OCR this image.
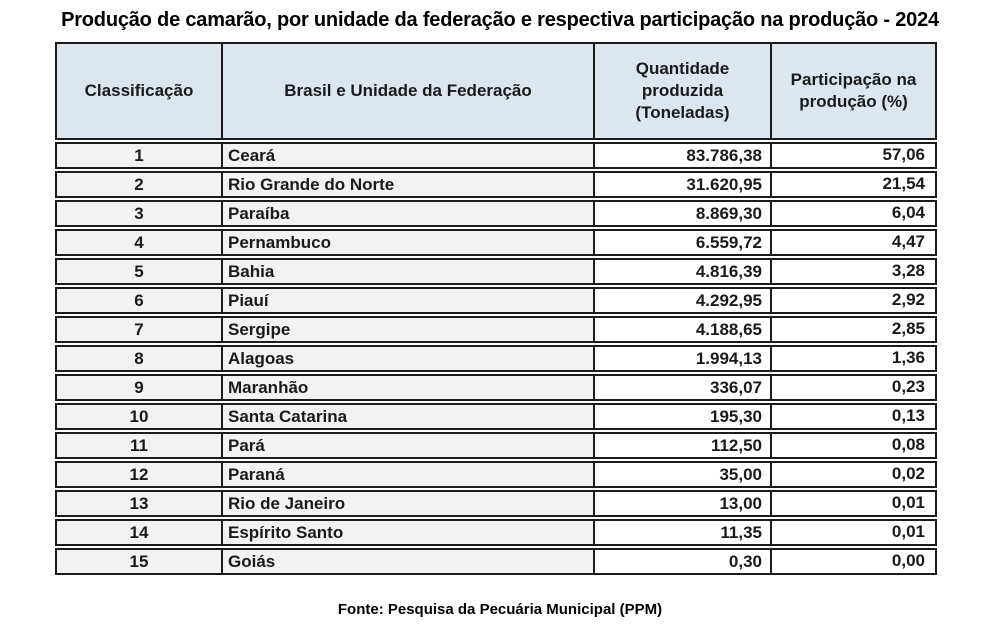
Produção de camarão, por unidade da federação e respectiva participação na produção - 2024
Classificação	Brasil e Unidade da Federação	Quantidade produzida (Toneladas)	Participação na produção (%)
1	Ceará	83.786,38	57,06
2	Rio Grande do Norte	31.620,95	21,54
3	Paraíba	8.869,30	6,04
4	Pernambuco	6.559,72	4,47
5	Bahia	4.816,39	3,28
6	Piauí	4.292,95	2,92
7	Sergipe	4.188,65	2,85
8	Alagoas	1.994,13	1,36
9	Maranhão	336,07	0,23
10	Santa Catarina	195,30	0,13
11	Pará	112,50	0,08
12	Paraná	35,00	0,02
13	Rio de Janeiro	13,00	0,01
14	Espírito Santo	11,35	0,01
15	Goiás	0,30	0,00
Fonte: Pesquisa da Pecuária Municipal (PPM)
